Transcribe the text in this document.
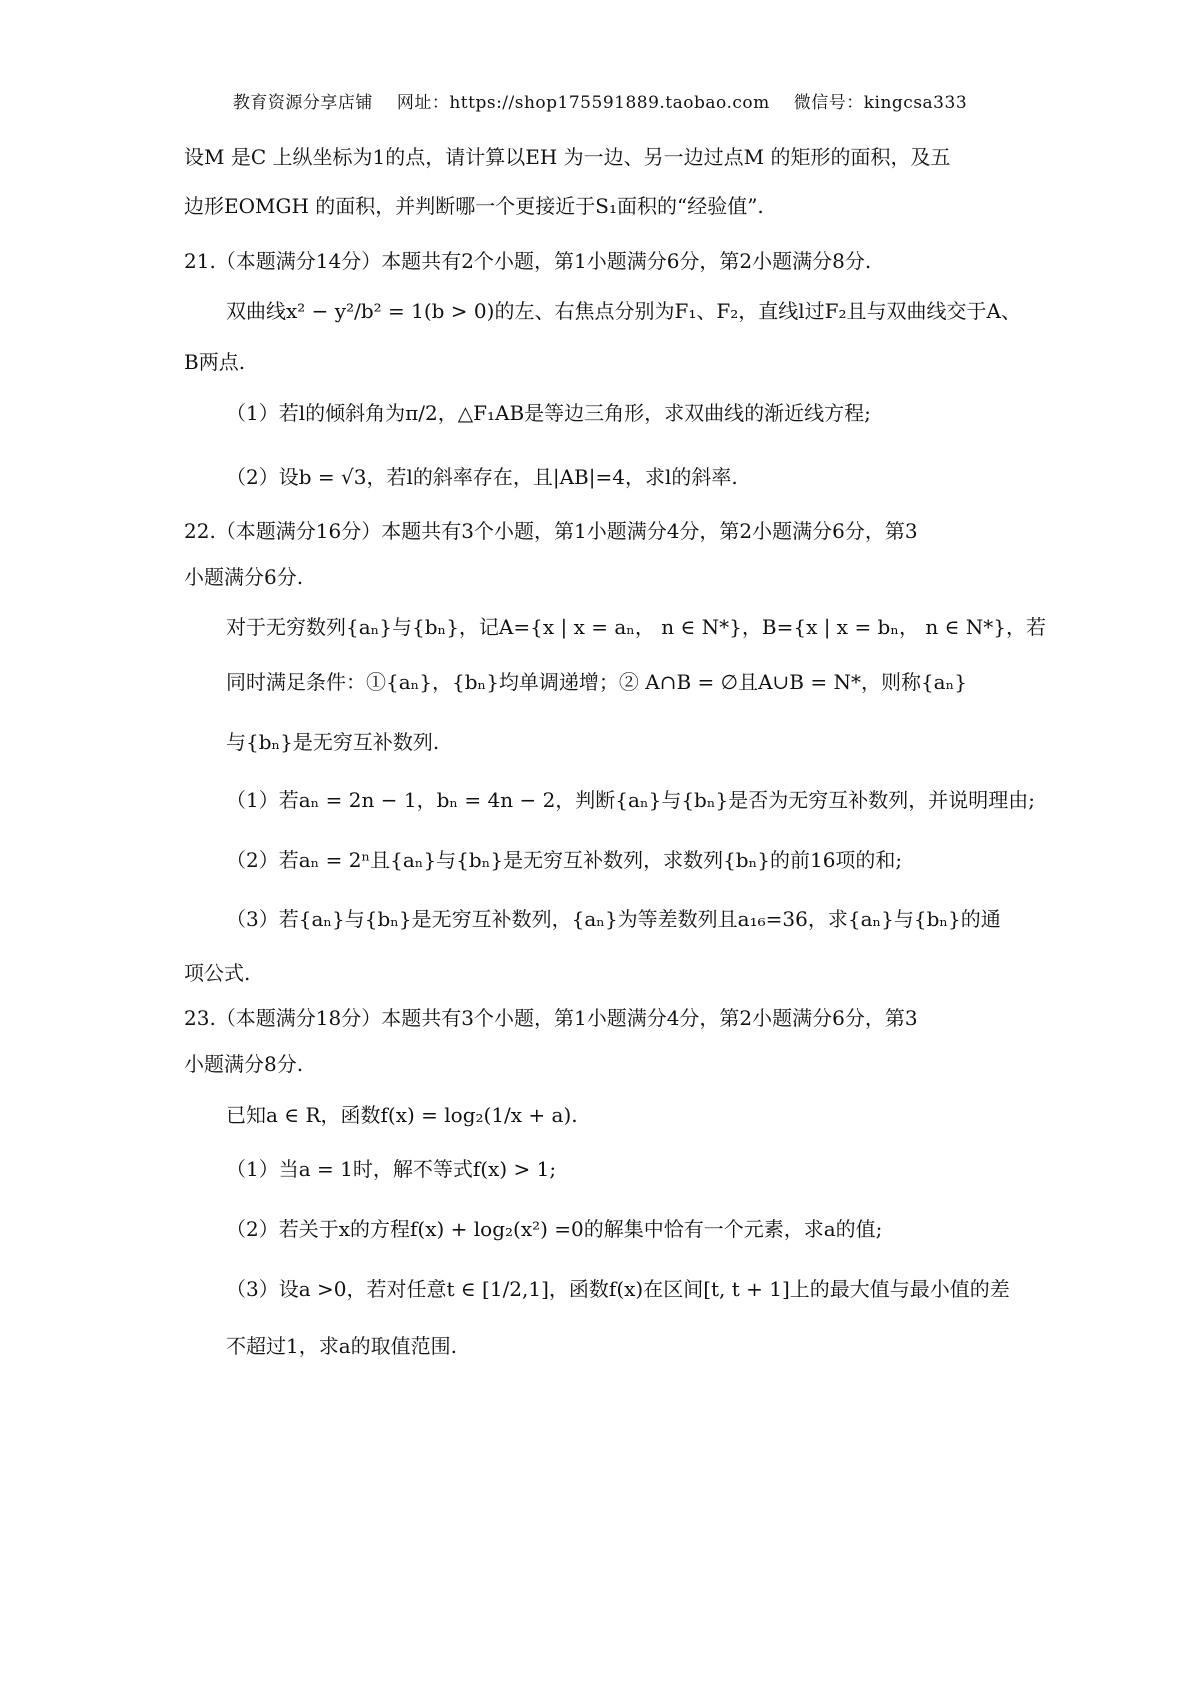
教育资源分享店铺 网址：https://shop175591889.taobao.com 微信号：kingcsa333
设M 是C 上纵坐标为1的点，请计算以EH 为一边、另一边过点M 的矩形的面积，及五
边形EOMGH 的面积，并判断哪一个更接近于S₁面积的“经验值”.
21.（本题满分14分）本题共有2个小题，第1小题满分6分，第2小题满分8分.
双曲线x² − y²/b² = 1(b > 0)的左、右焦点分别为F₁、F₂，直线l过F₂且与双曲线交于A、
B两点.
（1）若l的倾斜角为π/2，△F₁AB是等边三角形，求双曲线的渐近线方程;
（2）设b = √3，若l的斜率存在，且|AB|=4，求l的斜率.
22.（本题满分16分）本题共有3个小题，第1小题满分4分，第2小题满分6分，第3
小题满分6分.
对于无穷数列{aₙ}与{bₙ}，记A={x | x = aₙ， n ∈ N*}，B={x | x = bₙ， n ∈ N*}，若
同时满足条件：①{aₙ}，{bₙ}均单调递增；② A∩B = ∅且A∪B = N*，则称{aₙ}
与{bₙ}是无穷互补数列.
（1）若aₙ = 2n − 1，bₙ = 4n − 2，判断{aₙ}与{bₙ}是否为无穷互补数列，并说明理由;
（2）若aₙ = 2ⁿ且{aₙ}与{bₙ}是无穷互补数列，求数列{bₙ}的前16项的和;
（3）若{aₙ}与{bₙ}是无穷互补数列，{aₙ}为等差数列且a₁₆=36，求{aₙ}与{bₙ}的通
项公式.
23.（本题满分18分）本题共有3个小题，第1小题满分4分，第2小题满分6分，第3
小题满分8分.
已知a ∈ R，函数f(x) = log₂(1/x + a).
（1）当a = 1时，解不等式f(x) > 1;
（2）若关于x的方程f(x) + log₂(x²) =0的解集中恰有一个元素，求a的值;
（3）设a >0，若对任意t ∈ [1/2,1]，函数f(x)在区间[t, t + 1]上的最大值与最小值的差
不超过1，求a的取值范围.
